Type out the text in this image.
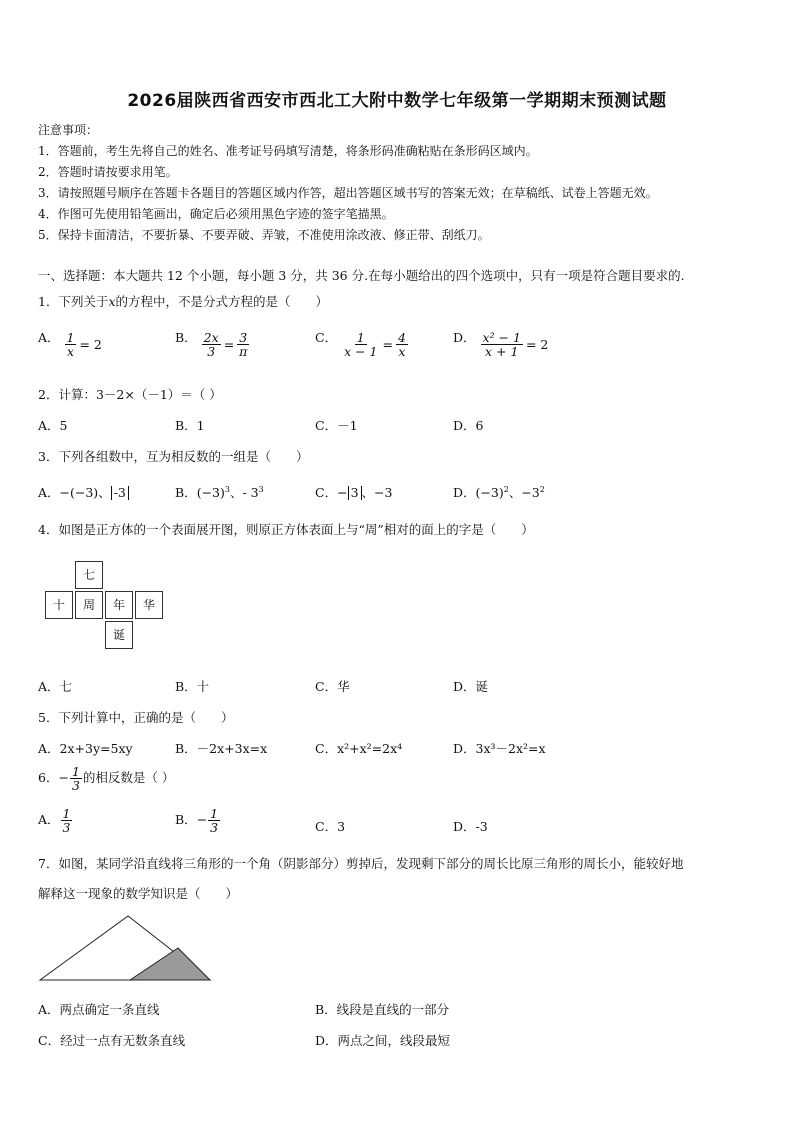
2026届陕西省西安市西北工大附中数学七年级第一学期期末预测试题
注意事项：
1．答题前，考生先将自己的姓名、准考证号码填写清楚，将条形码准确粘贴在条形码区域内。
2．答题时请按要求用笔。
3．请按照题号顺序在答题卡各题目的答题区域内作答，超出答题区域书写的答案无效；在草稿纸、试卷上答题无效。
4．作图可先使用铅笔画出，确定后必须用黑色字迹的签字笔描黑。
5．保持卡面清洁，不要折暴、不要弄破、弄皱，不准使用涂改液、修正带、刮纸刀。
一、选择题：本大题共 12 个小题，每小题 3 分，共 36 分.在每小题给出的四个选项中，只有一项是符合题目要求的.
1．下列关于x的方程中，不是分式方程的是（　　）
A． $\frac{1}{x} = 2$	B． $\frac{2x}{3} = \frac{3}{\pi}$	C． $\frac{1}{x - 1} = \frac{4}{x}$	D． $\frac{\text{x² − 1}}{x + 1} = 2$
2．计算：3－2×（－1）＝（ ）
A．5	B．1	C．－1	D．6
3．下列各组数中，互为相反数的一组是（　　）
A．−(−3)、 -3	B．$(-3)^3$、- $3^3$	C．− 3 、−3	D．$(-3)^2$、$-3^2$
4．如图是正方体的一个表面展开图，则原正方体表面上与“周”相对的面上的字是（　　）
七
十	周	年	华
诞
A．七	B．十	C．华	D．诞
5．下列计算中，正确的是（　　）
A．2x+3y=5xy	B．－2x+3x=x	C．x²+x²=2x⁴	D．3x³－2x²=x
6．− $\frac{1}{3}$ 的相反数是（ ）
A． $\frac{1}{3}$	B．− $\frac{1}{3}$	C．3	D．-3
7．如图，某同学沿直线将三角形的一个角（阴影部分）剪掉后，发现剩下部分的周长比原三角形的周长小，能较好地
解释这一现象的数学知识是（　　）
A．两点确定一条直线	B．线段是直线的一部分
C．经过一点有无数条直线	D．两点之间，线段最短
